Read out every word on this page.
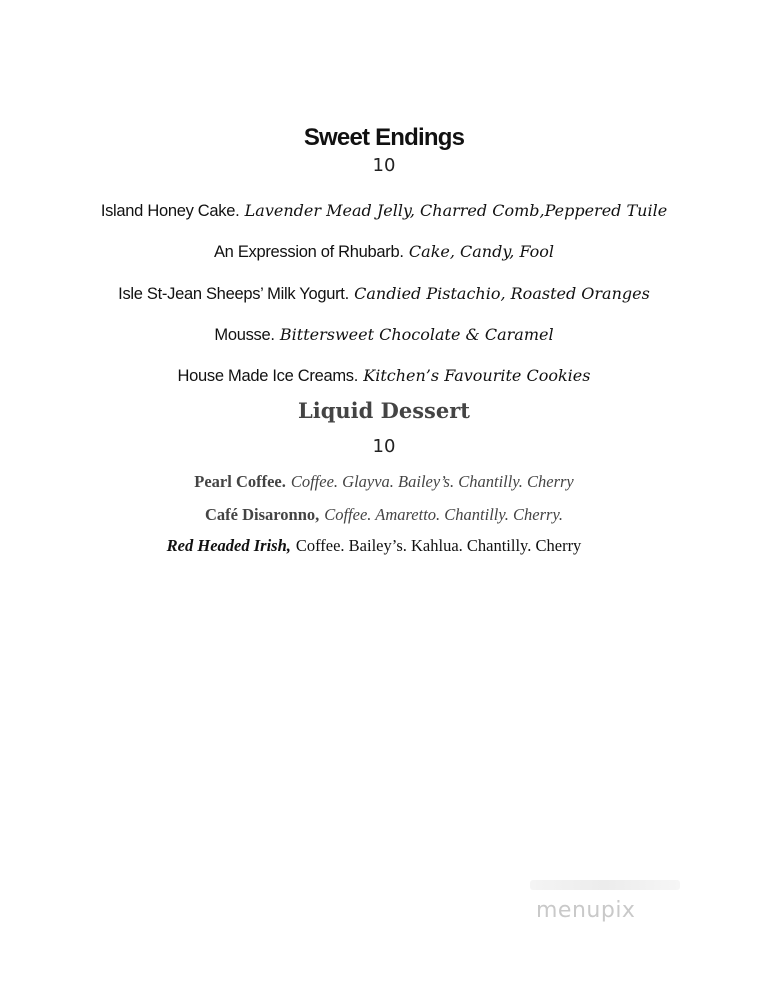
Sweet Endings
10
Island Honey Cake. Lavender Mead Jelly, Charred Comb,Peppered Tuile
An Expression of Rhubarb. Cake, Candy, Fool
Isle St-Jean Sheeps’ Milk Yogurt. Candied Pistachio, Roasted Oranges
Mousse. Bittersweet Chocolate & Caramel
House Made Ice Creams. Kitchen’s Favourite Cookies
Liquid Dessert
10
Pearl Coffee. Coffee. Glayva. Bailey’s. Chantilly. Cherry
Café Disaronno, Coffee. Amaretto. Chantilly. Cherry.
Red Headed Irish, Coffee. Bailey’s. Kahlua. Chantilly. Cherry
menupix
